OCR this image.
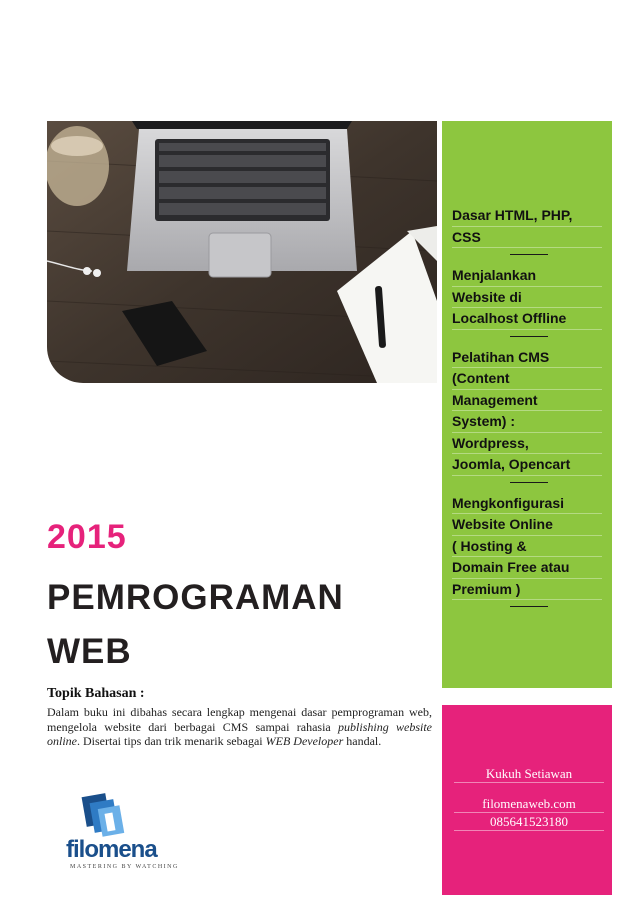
Dasar HTML, PHP,
CSS
Menjalankan
Website di
Localhost Offline
Pelatihan CMS
(Content
Management
System) :
Wordpress,
Joomla, Opencart
Mengkonfigurasi
Website Online
( Hosting &
Domain Free atau
Premium )
Kukuh Setiawan
filomenaweb.com
085641523180
2015
PEMROGRAMAN
WEB
Topik Bahasan :
Dalam buku ini dibahas secara lengkap mengenai dasar pemprograman web, mengelola website dari berbagai CMS sampai rahasia publishing website online. Disertai tips dan trik menarik sebagai WEB Developer handal.
filomena
MASTERING BY WATCHING
